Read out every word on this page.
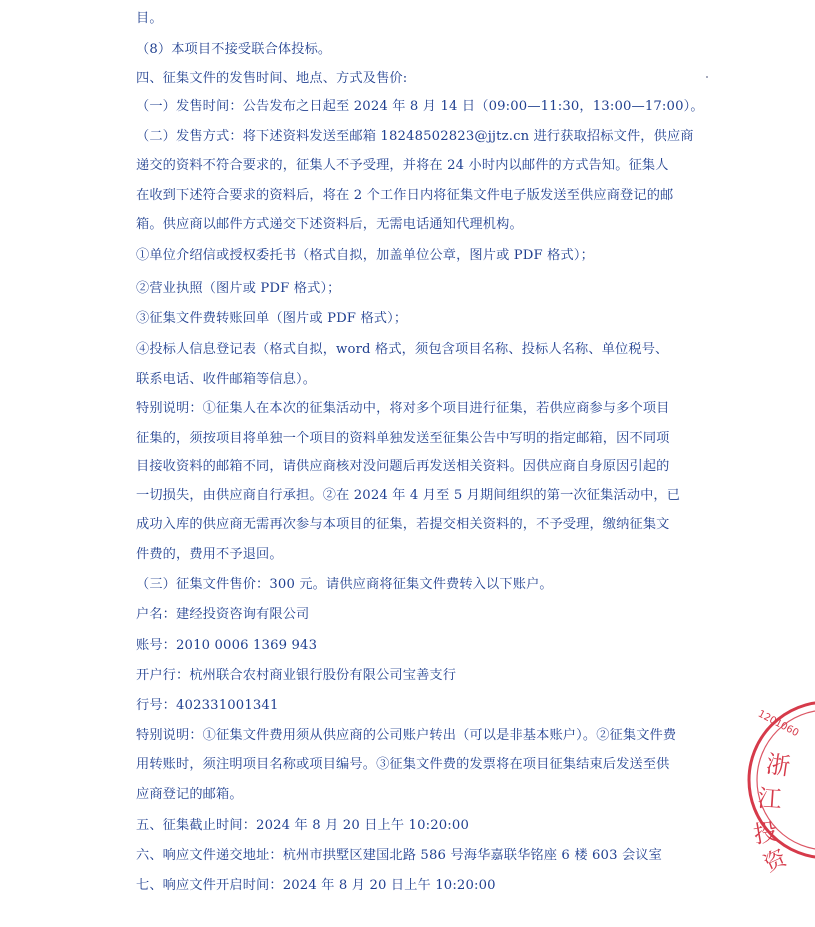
目。
（8）本项目不接受联合体投标。
四、征集文件的发售时间、地点、方式及售价:
（一）发售时间：公告发布之日起至 2024 年 8 月 14 日（09:00—11:30，13:00—17:00）。
（二）发售方式：将下述资料发送至邮箱 18248502823@jjtz.cn 进行获取招标文件，供应商
递交的资料不符合要求的，征集人不予受理，并将在 24 小时内以邮件的方式告知。征集人
在收到下述符合要求的资料后，将在 2 个工作日内将征集文件电子版发送至供应商登记的邮
箱。供应商以邮件方式递交下述资料后，无需电话通知代理机构。
①单位介绍信或授权委托书（格式自拟，加盖单位公章，图片或 PDF 格式）；
②营业执照（图片或 PDF 格式）；
③征集文件费转账回单（图片或 PDF 格式）；
④投标人信息登记表（格式自拟，word 格式，须包含项目名称、投标人名称、单位税号、
联系电话、收件邮箱等信息）。
特别说明：①征集人在本次的征集活动中，将对多个项目进行征集，若供应商参与多个项目
征集的，须按项目将单独一个项目的资料单独发送至征集公告中写明的指定邮箱，因不同项
目接收资料的邮箱不同，请供应商核对没问题后再发送相关资料。因供应商自身原因引起的
一切损失，由供应商自行承担。②在 2024 年 4 月至 5 月期间组织的第一次征集活动中，已
成功入库的供应商无需再次参与本项目的征集，若提交相关资料的，不予受理，缴纳征集文
件费的，费用不予退回。
（三）征集文件售价：300 元。请供应商将征集文件费转入以下账户。
户名：建经投资咨询有限公司
账号：2010 0006 1369 943
开户行：杭州联合农村商业银行股份有限公司宝善支行
行号：402331001341
特别说明：①征集文件费用须从供应商的公司账户转出（可以是非基本账户）。②征集文件费
用转账时，须注明项目名称或项目编号。③征集文件费的发票将在项目征集结束后发送至供
应商登记的邮箱。
五、征集截止时间：2024 年 8 月 20 日上午 10:20:00
六、响应文件递交地址：杭州市拱墅区建国北路 586 号海华嘉联华铭座 6 楼 603 会议室
七、响应文件开启时间：2024 年 8 月 20 日上午 10:20:00
1201060
浙
江
投
资
